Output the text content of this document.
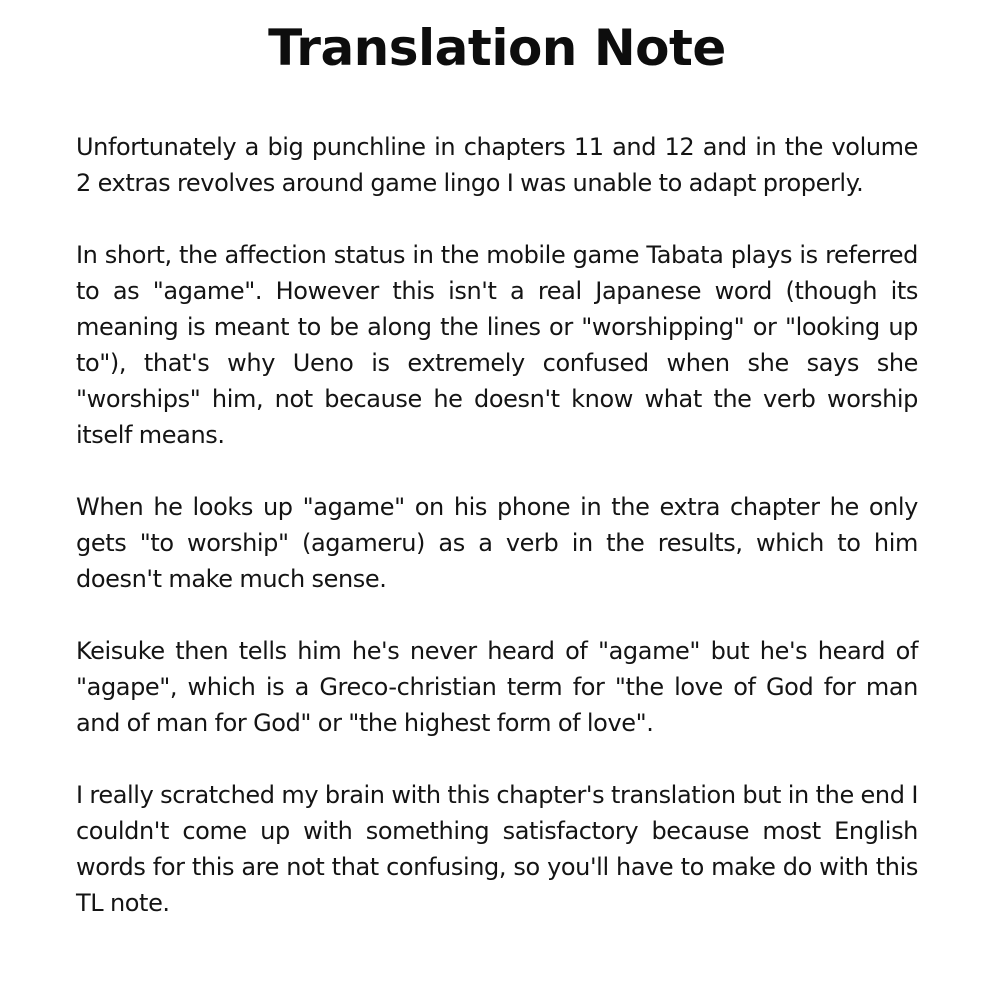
Translation Note

Unfortunately a big punchline in chapters 11 and 12 and in the volume 2 extras revolves around game lingo I was unable to adapt properly.

In short, the affection status in the mobile game Tabata plays is referred to as "agame". However this isn't a real Japanese word (though its meaning is meant to be along the lines or "worshipping" or "looking up to"), that's why Ueno is extremely confused when she says she "worships" him, not because he doesn't know what the verb worship itself means.

When he looks up "agame" on his phone in the extra chapter he only gets "to worship" (agameru) as a verb in the results, which to him doesn't make much sense.

Keisuke then tells him he's never heard of "agame" but he's heard of "agape", which is a Greco-christian term for "the love of God for man and of man for God" or "the highest form of love".

I really scratched my brain with this chapter's translation but in the end I couldn't come up with something satisfactory because most English words for this are not that confusing, so you'll have to make do with this TL note.
